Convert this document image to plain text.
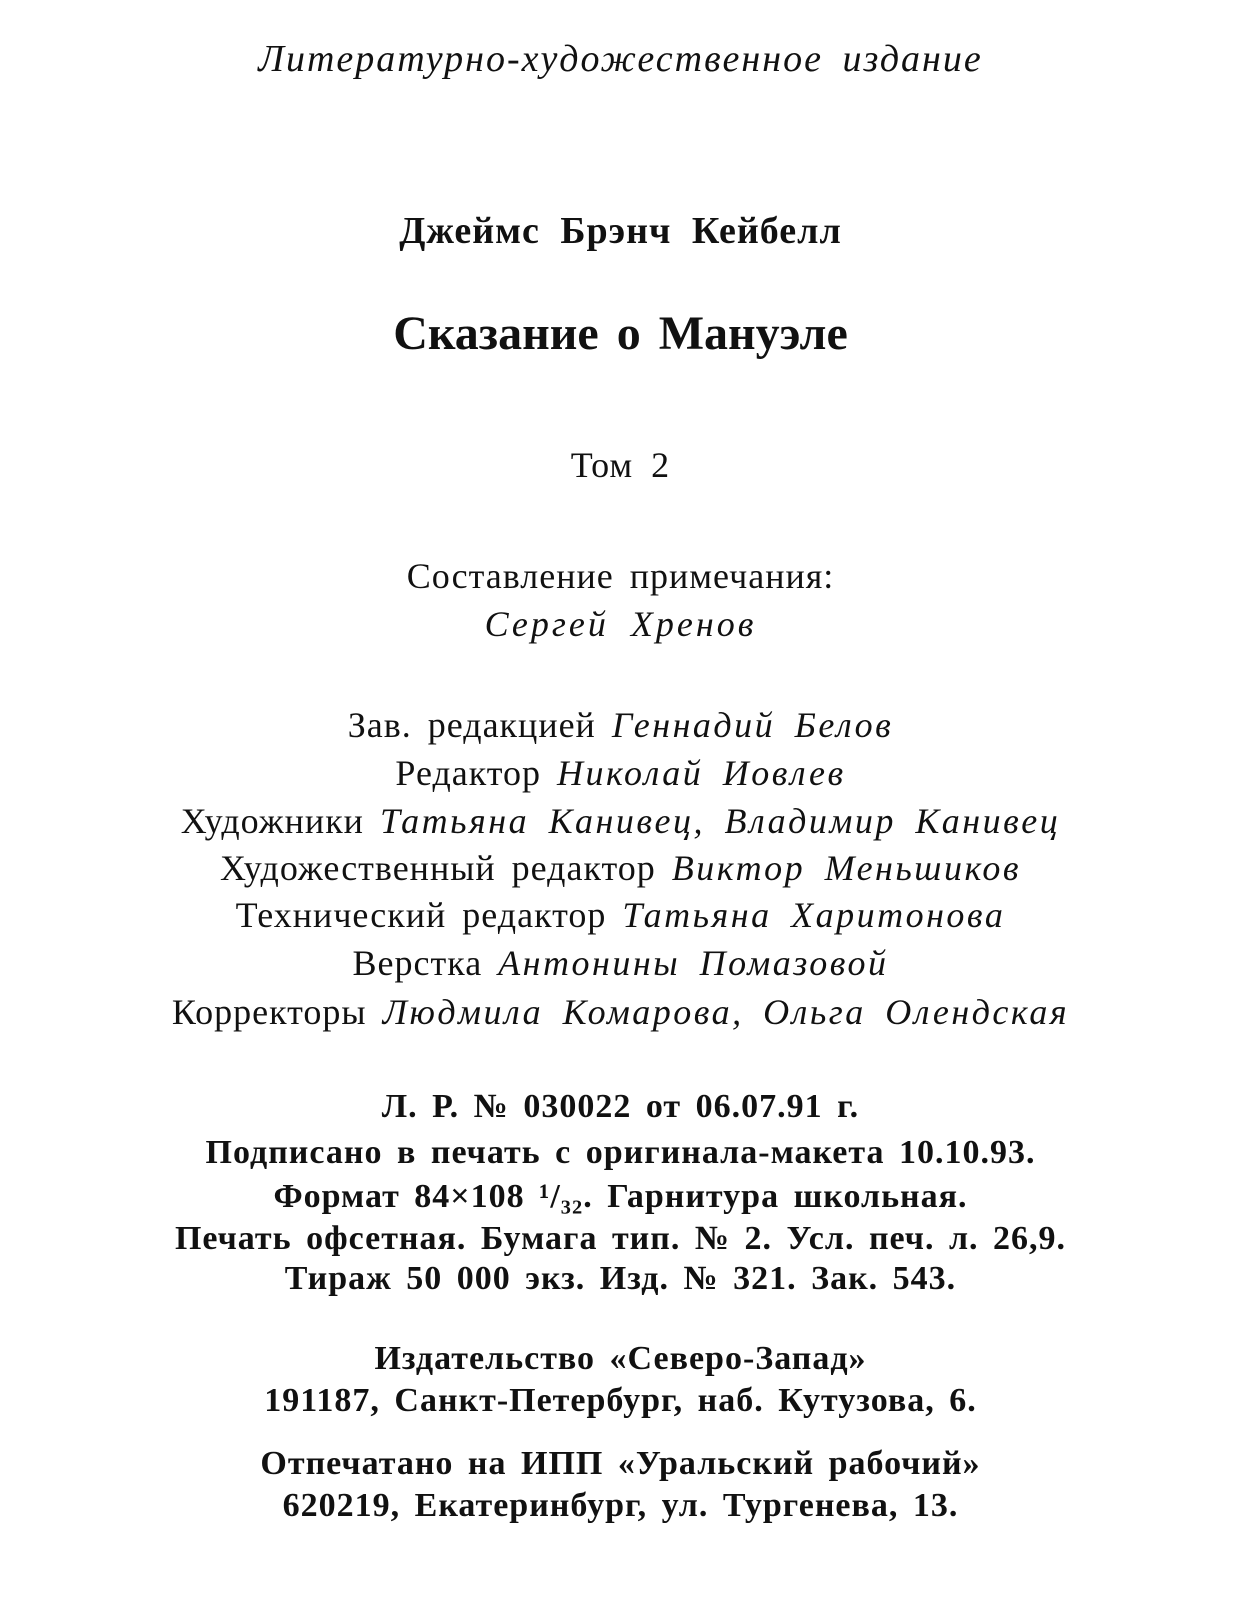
Литературно-художественное издание
Джеймс Брэнч Кейбелл
Сказание о Мануэле
Том 2
Составление примечания:
Сергей Хренов
Зав. редакцией Геннадий Белов
Редактор Николай Иовлев
Художники Татьяна Канивец, Владимир Канивец
Художественный редактор Виктор Меньшиков
Технический редактор Татьяна Харитонова
Верстка Антонины Помазовой
Корректоры Людмила Комарова, Ольга Олендская
Л. Р. № 030022 от 06.07.91 г.
Подписано в печать с оригинала-макета 10.10.93.
Формат 84×108 ¹/₃₂. Гарнитура школьная.
Печать офсетная. Бумага тип. № 2. Усл. печ. л. 26,9.
Тираж 50 000 экз. Изд. № 321. Зак. 543.
Издательство «Северо-Запад»
191187, Санкт-Петербург, наб. Кутузова, 6.
Отпечатано на ИПП «Уральский рабочий»
620219, Екатеринбург, ул. Тургенева, 13.
